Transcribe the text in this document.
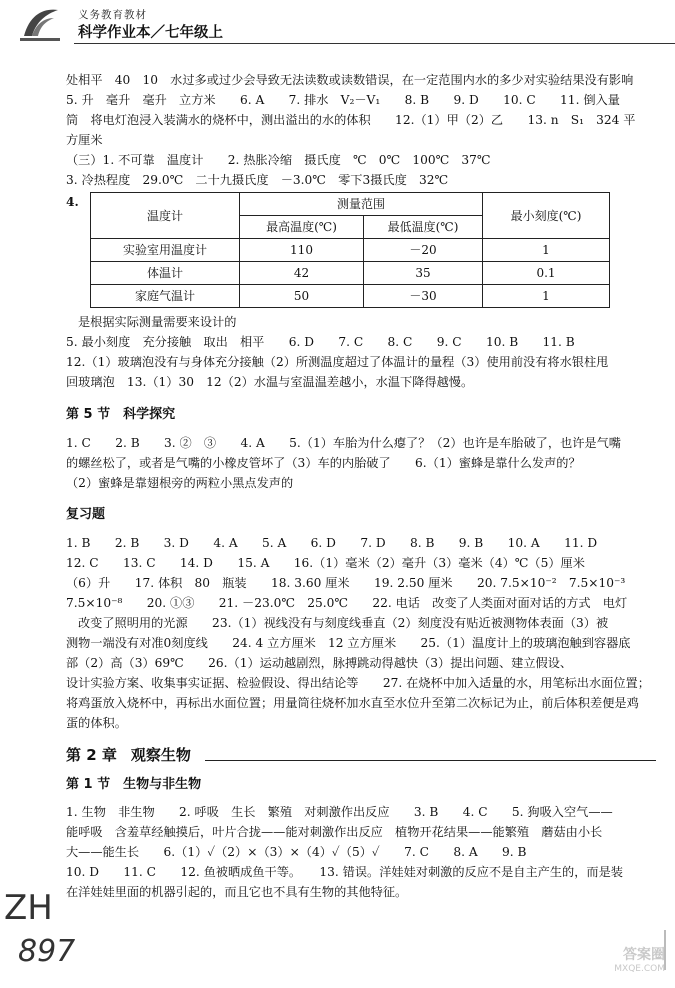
义务教育教材
科学作业本／七年级上

处相平　40　10　水过多或过少会导致无法读数或读数错误，在一定范围内水的多少对实验结果没有影响

5. 升　毫升　毫升　立方米　　6. A　　7. 排水　V₂－V₁　　8. B　　9. D　　10. C　　11. 倒入量

筒　将电灯泡浸入装满水的烧杯中，测出溢出的水的体积　　12.（1）甲（2）乙　　13. n　S₁　324 平

方厘米

（三）1. 不可靠　温度计　　2. 热胀冷缩　摄氏度　℃　0℃　100℃　37℃

3. 冷热程度　29.0℃　二十九摄氏度　－3.0℃　零下3摄氏度　32℃

4.
温度计	测量范围		最小刻度(℃)
	最高温度(℃)	最低温度(℃)	
实验室用温度计	110	－20	1
体温计	42	35	0.1
家庭气温计	50	－30	1

是根据实际测量需要来设计的

5. 最小刻度　充分接触　取出　相平　　6. D　　7. C　　8. C　　9. C　　10. B　　11. B

12.（1）玻璃泡没有与身体充分接触（2）所测温度超过了体温计的量程（3）使用前没有将水银柱甩

回玻璃泡　13.（1）30　12（2）水温与室温温差越小，水温下降得越慢。

第 5 节　科学探究

1. C　　2. B　　3. ②　③　　4. A　　5.（1）车胎为什么瘪了？（2）也许是车胎破了，也许是气嘴

的螺丝松了，或者是气嘴的小橡皮管坏了（3）车的内胎破了　　6.（1）蜜蜂是靠什么发声的？

（2）蜜蜂是靠翅根旁的两粒小黑点发声的

复习题

1. B　　2. B　　3. D　　4. A　　5. A　　6. D　　7. D　　8. B　　9. B　　10. A　　11. D

12. C　　13. C　　14. D　　15. A　　16.（1）毫米（2）毫升（3）毫米（4）℃（5）厘米

（6）升　　17. 体积　80　瓶装　　18. 3.60 厘米　　19. 2.50 厘米　　20. 7.5×10⁻²　7.5×10⁻³

7.5×10⁻⁸　　20. ①③　　21. －23.0℃　25.0℃　　22. 电话　改变了人类面对面对话的方式　电灯

改变了照明用的光源　　23.（1）视线没有与刻度线垂直（2）刻度没有贴近被测物体表面（3）被

测物一端没有对准0刻度线　　24. 4 立方厘米　12 立方厘米　　25.（1）温度计上的玻璃泡触到容器底

部（2）高（3）69℃　　26.（1）运动越剧烈，脉搏跳动得越快（3）提出问题、建立假设、

设计实验方案、收集事实证据、检验假设、得出结论等　　27. 在烧杯中加入适量的水，用笔标出水面位置；

将鸡蛋放入烧杯中，再标出水面位置；用量筒往烧杯加水直至水位升至第二次标记为止，前后体积差便是鸡

蛋的体积。

第 2 章 观察生物

第 1 节　生物与非生物

1. 生物　非生物　　2. 呼吸　生长　繁殖　对刺激作出反应　　3. B　　4. C　　5. 狗吸入空气——

能呼吸　含羞草经触摸后，叶片合拢——能对刺激作出反应　植物开花结果——能繁殖　蘑菇由小长

大——能生长　　6.（1）✓（2）×（3）×（4）✓（5）✓　　7. C　　8. A　　9. B

10. D　　11. C　　12. 鱼被晒成鱼干等。　　13. 错误。洋娃娃对刺激的反应不是自主产生的，而是装

在洋娃娃里面的机器引起的，而且它也不具有生物的其他特征。

ZH
897	答案圈
MXQE.COM
